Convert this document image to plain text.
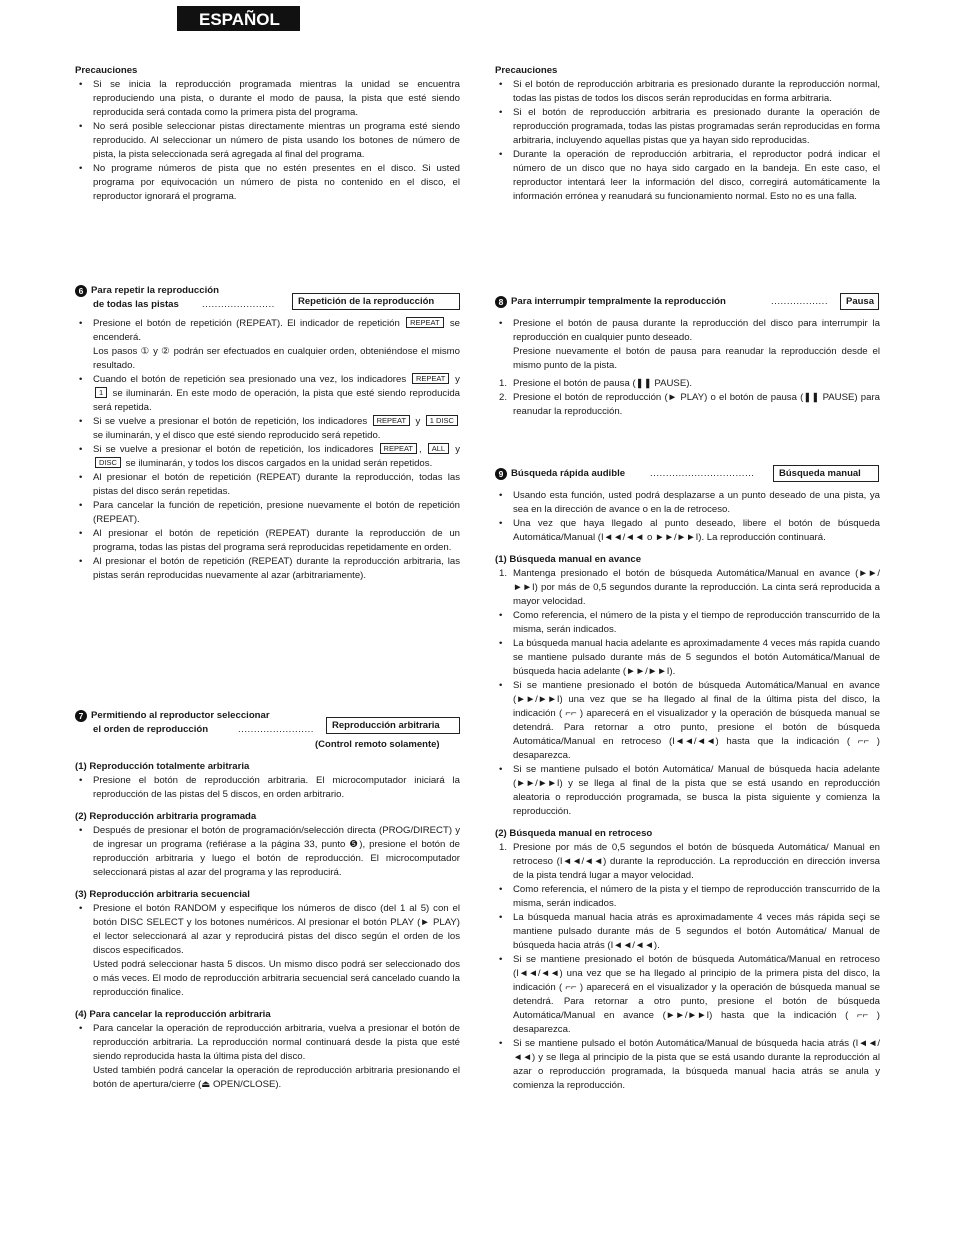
ESPAÑOL
Precauciones
• Si se inicia la reproducción programada mientras la unidad se encuentra reproduciendo una pista, o durante el modo de pausa, la pista que esté siendo reproducida será contada como la primera pista del programa.
• No será posible seleccionar pistas directamente mientras un programa esté siendo reproducido. Al seleccionar un número de pista usando los botones de número de pista, la pista seleccionada será agregada al final del programa.
• No programe números de pista que no estén presentes en el disco. Si usted programa por equivocación un número de pista no contenido en el disco, el reproductor ignorará el programa.
6 Para repetir la reproducción
de todas las pistas	.......................	Repetición de la reproducción
• Presione el botón de repetición (REPEAT). El indicador de repetición REPEAT se encenderá.
Los pasos ① y ② podrán ser efectuados en cualquier orden, obteniéndose el mismo resultado.
• Cuando el botón de repetición sea presionado una vez, los indicadores REPEAT y 1 se iluminarán. En este modo de operación, la pista que esté siendo reproducida será repetida.
• Si se vuelve a presionar el botón de repetición, los indicadores REPEAT y 1 DISC se iluminarán, y el disco que esté siendo reproducido será repetido.
• Si se vuelve a presionar el botón de repetición, los indicadores REPEAT , ALL y DISC se iluminarán, y todos los discos cargados en la unidad serán repetidos.
• Al presionar el botón de repetición (REPEAT) durante la reproducción, todas las pistas del disco serán repetidas.
• Para cancelar la función de repetición, presione nuevamente el botón de repetición (REPEAT).
• Al presionar el botón de repetición (REPEAT) durante la reproducción de un programa, todas las pistas del programa será reproducidas repetidamente en orden.
• Al presionar el botón de repetición (REPEAT) durante la reproducción arbitraria, las pistas serán reproducidas nuevamente al azar (arbitrariamente).
7 Permitiendo al reproductor seleccionar
el orden de reproducción	........................	Reproducción arbitraria
(Control remoto solamente)
(1) Reproducción totalmente arbitraria
• Presione el botón de reproducción arbitraria. El microcomputador iniciará la reproducción de las pistas del 5 discos, en orden arbitrario.
(2) Reproducción arbitraria programada
• Después de presionar el botón de programación/selección directa (PROG/DIRECT) y de ingresar un programa (refiérase a la página 33, punto ❺), presione el botón de reproducción arbitraria y luego el botón de reproducción. El microcomputador seleccionará pistas al azar del programa y las reproducirá.
(3) Reproducción arbitraria secuencial
• Presione el botón RANDOM y especifique los números de disco (del 1 al 5) con el botón DISC SELECT y los botones numéricos. Al presionar el botón PLAY (► PLAY) el lector seleccionará al azar y reproducirá pistas del disco según el orden de los discos especificados.
Usted podrá seleccionar hasta 5 discos. Un mismo disco podrá ser seleccionado dos o más veces. El modo de reproducción arbitraria secuencial será cancelado cuando la reproducción finalice.
(4) Para cancelar la reproducción arbitraria
• Para cancelar la operación de reproducción arbitraria, vuelva a presionar el botón de reproducción arbitraria. La reproducción normal continuará desde la pista que esté siendo reproducida hasta la última pista del disco.
Usted también podrá cancelar la operación de reproducción arbitraria presionando el botón de apertura/cierre (⏏ OPEN/CLOSE).
Precauciones
• Si el botón de reproducción arbitraria es presionado durante la reproducción normal, todas las pistas de todos los discos serán reproducidas en forma arbitraria.
• Si el botón de reproducción arbitraria es presionado durante la operación de reproducción programada, todas las pistas programadas serán reproducidas en forma arbitraria, incluyendo aquellas pistas que ya hayan sido reproducidas.
• Durante la operación de reproducción arbitraria, el reproductor podrá indicar el número de un disco que no haya sido cargado en la bandeja. En este caso, el reproductor intentará leer la información del disco, corregirá automáticamente la información errónea y reanudará su funcionamiento normal. Esto no es una falla.
8 Para interrumpir tempralmente la reproducción	..................	Pausa
• Presione el botón de pausa durante la reproducción del disco para interrumpir la reproducción en cualquier punto deseado.
Presione nuevamente el botón de pausa para reanudar la reproducción desde el mismo punto de la pista.
1. Presione el botón de pausa (❚❚ PAUSE).
2. Presione el botón de reproducción (► PLAY) o el botón de pausa (❚❚ PAUSE) para reanudar la reproducción.
9 Búsqueda rápida audible	.................................	Búsqueda manual
• Usando esta función, usted podrá desplazarse a un punto deseado de una pista, ya sea en la dirección de avance o en la de retroceso.
• Una vez que haya llegado al punto deseado, libere el botón de búsqueda Automática/Manual (I◄◄/◄◄ o ►►/►►I). La reproducción continuará.
(1) Búsqueda manual en avance
1. Mantenga presionado el botón de búsqueda Automática/Manual en avance (►►/►►I) por más de 0,5 segundos durante la reproducción. La cinta será reproducida a mayor velocidad.
• Como referencia, el número de la pista y el tiempo de reproducción transcurrido de la misma, serán indicados.
• La búsqueda manual hacia adelante es aproximadamente 4 veces más rapida cuando se mantiene pulsado durante más de 5 segundos el botón Automática/Manual de búsqueda hacia adelante (►►/►►I).
• Si se mantiene presionado el botón de búsqueda Automática/Manual en avance (►►/►►I) una vez que se ha llegado al final de la última pista del disco, la indicación ( ⌐⌐ ) aparecerá en el visualizador y la operación de búsqueda manual se detendrá. Para retornar a otro punto, presione el botón de búsqueda Automática/Manual en retroceso (I◄◄/◄◄) hasta que la indicación ( ⌐⌐ ) desaparezca.
• Si se mantiene pulsado el botón Automática/ Manual de búsqueda hacia adelante (►►/►►I) y se llega al final de la pista que se está usando en reproducción aleatoria o reproducción programada, se busca la pista siguiente y comienza la reproducción.
(2) Búsqueda manual en retroceso
1. Presione por más de 0,5 segundos el botón de búsqueda Automática/ Manual en retroceso (I◄◄/◄◄) durante la reproducción. La reproducción en dirección inversa de la pista tendrá lugar a mayor velocidad.
• Como referencia, el número de la pista y el tiempo de reproducción transcurrido de la misma, serán indicados.
• La búsqueda manual hacia atrás es aproximadamente 4 veces más rápida seçi se mantiene pulsado durante más de 5 segundos el botón Automática/ Manual de búsqueda hacia atrás (I◄◄/◄◄).
• Si se mantiene presionado el botón de búsqueda Automática/Manual en retroceso (I◄◄/◄◄) una vez que se ha llegado al principio de la primera pista del disco, la indicación ( ⌐⌐ ) aparecerá en el visualizador y la operación de búsqueda manual se detendrá. Para retornar a otro punto, presione el botón de búsqueda Automática/Manual en avance (►►/►►I) hasta que la indicación ( ⌐⌐ ) desaparezca.
• Si se mantiene pulsado el botón Automática/Manual de búsqueda hacia atrás (I◄◄/◄◄) y se llega al principio de la pista que se está usando durante la reproducción al azar o reproducción programada, la búsqueda manual hacia atrás se anula y comienza la reproducción.
